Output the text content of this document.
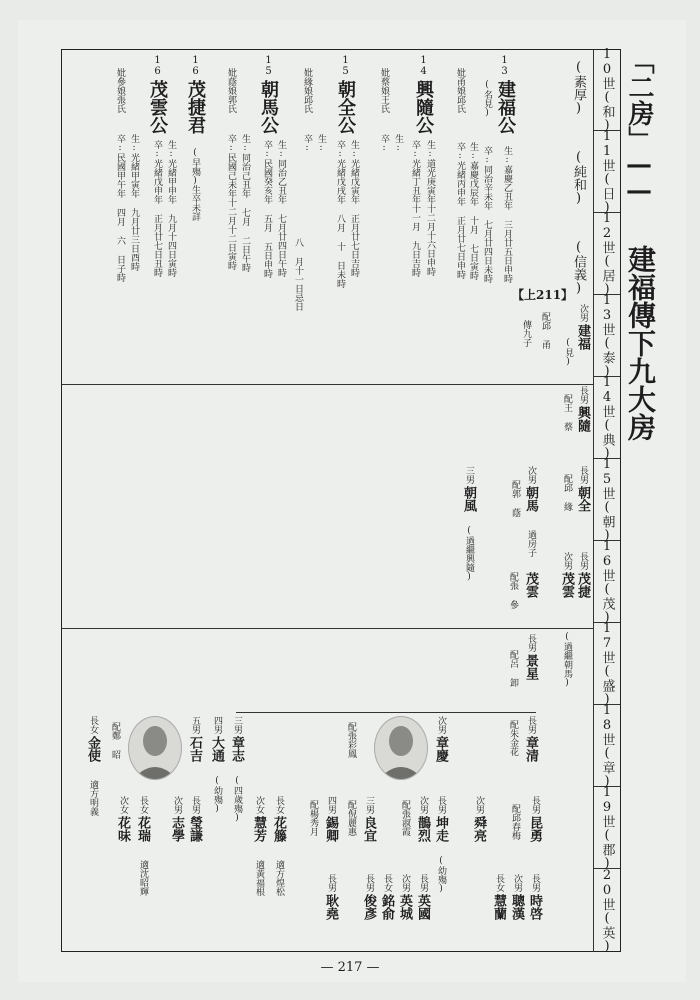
「二房」
——
建福傳下九大房
10世(和)
11世(日)
12世(居)
13世(泰)
14世(典)
15世(朝)
16世(茂)
17世(盛)
18世(章)
19世(郡)
20世(英)
(素厚)
(純和)
(信義)
【上211】
13
建福公
(名見)
生:嘉慶乙丑年 三月廿五日申時
卒:同治辛未年 七月廿四日未時
妣甬娘邱氏
生:嘉慶戊辰年 十月 七日寅時
卒:光緒丙申年 正月廿七日申時
14
興隨公
生:道光庚寅年十二月十六日申時
卒:光緒丁丑年十一月 九日吉時
妣蔡娘王氏
生:
卒:
15
朝全公
生:光緒戊寅年 正月廿七日吉時
卒:光緒戊戌年 八月 十 日未時
妣緣娘邱氏
生:
卒:
八 月十一日忌日
15
朝馬公
生:同治乙丑年 七月廿四日午時
卒:民國癸亥年 五月 五日申時
妣蔭娘郭氏
生:同治己丑年 七月 二日午時
卒:民國己未年十二月十二日寅時
16
茂捷君
(早殤)
生卒未詳
16
茂雲公
生:光緒甲申年 九月十四日寅時
卒:光緒戊申年 正月廿七日丑時
妣參娘張氏
生:光緒甲寅年 九月廿三日酉時
卒:民國甲午年 四月 六 日子時
次男
建福
(見)
配邱 甬
傳九子
長男
興隨
配王 蔡
長男
朝全
配邱 緣
次男
朝馬
過房子
配郭 蔭
三男
朝風
(過繼興隨)	長男
茂捷
次男
茂雲
(過繼朝馬)
茂雲
配張 參
長男
景星
配呂 卸
長男
章清
配朱金花
次男
章慶
配張彩鳳
三男
章志
(四歲殤)
四男
大通
(幼殤)
五男
石吉
配鄭 昭
長女
金使
適方明義	長男
昆勇
配邱春梅
次男
舜亮
長男
坤走
(幼殤)
次男
鵲烈
配張淑霞
三男
良宜
配倪麗惠
四男
錫卿
配楊秀月
長女
花籐
適方煌松
次女
慧芳
適黃福根
長男
瑩謙
次男
志學
長女
花瑞
適沈昭輝
次女
花味
長男
時啓
次男
聰漢
長女
慧蘭
長男
英國
次男
英城
長女
銘俞
長男
俊彥
長男
耿堯
— 217 —
